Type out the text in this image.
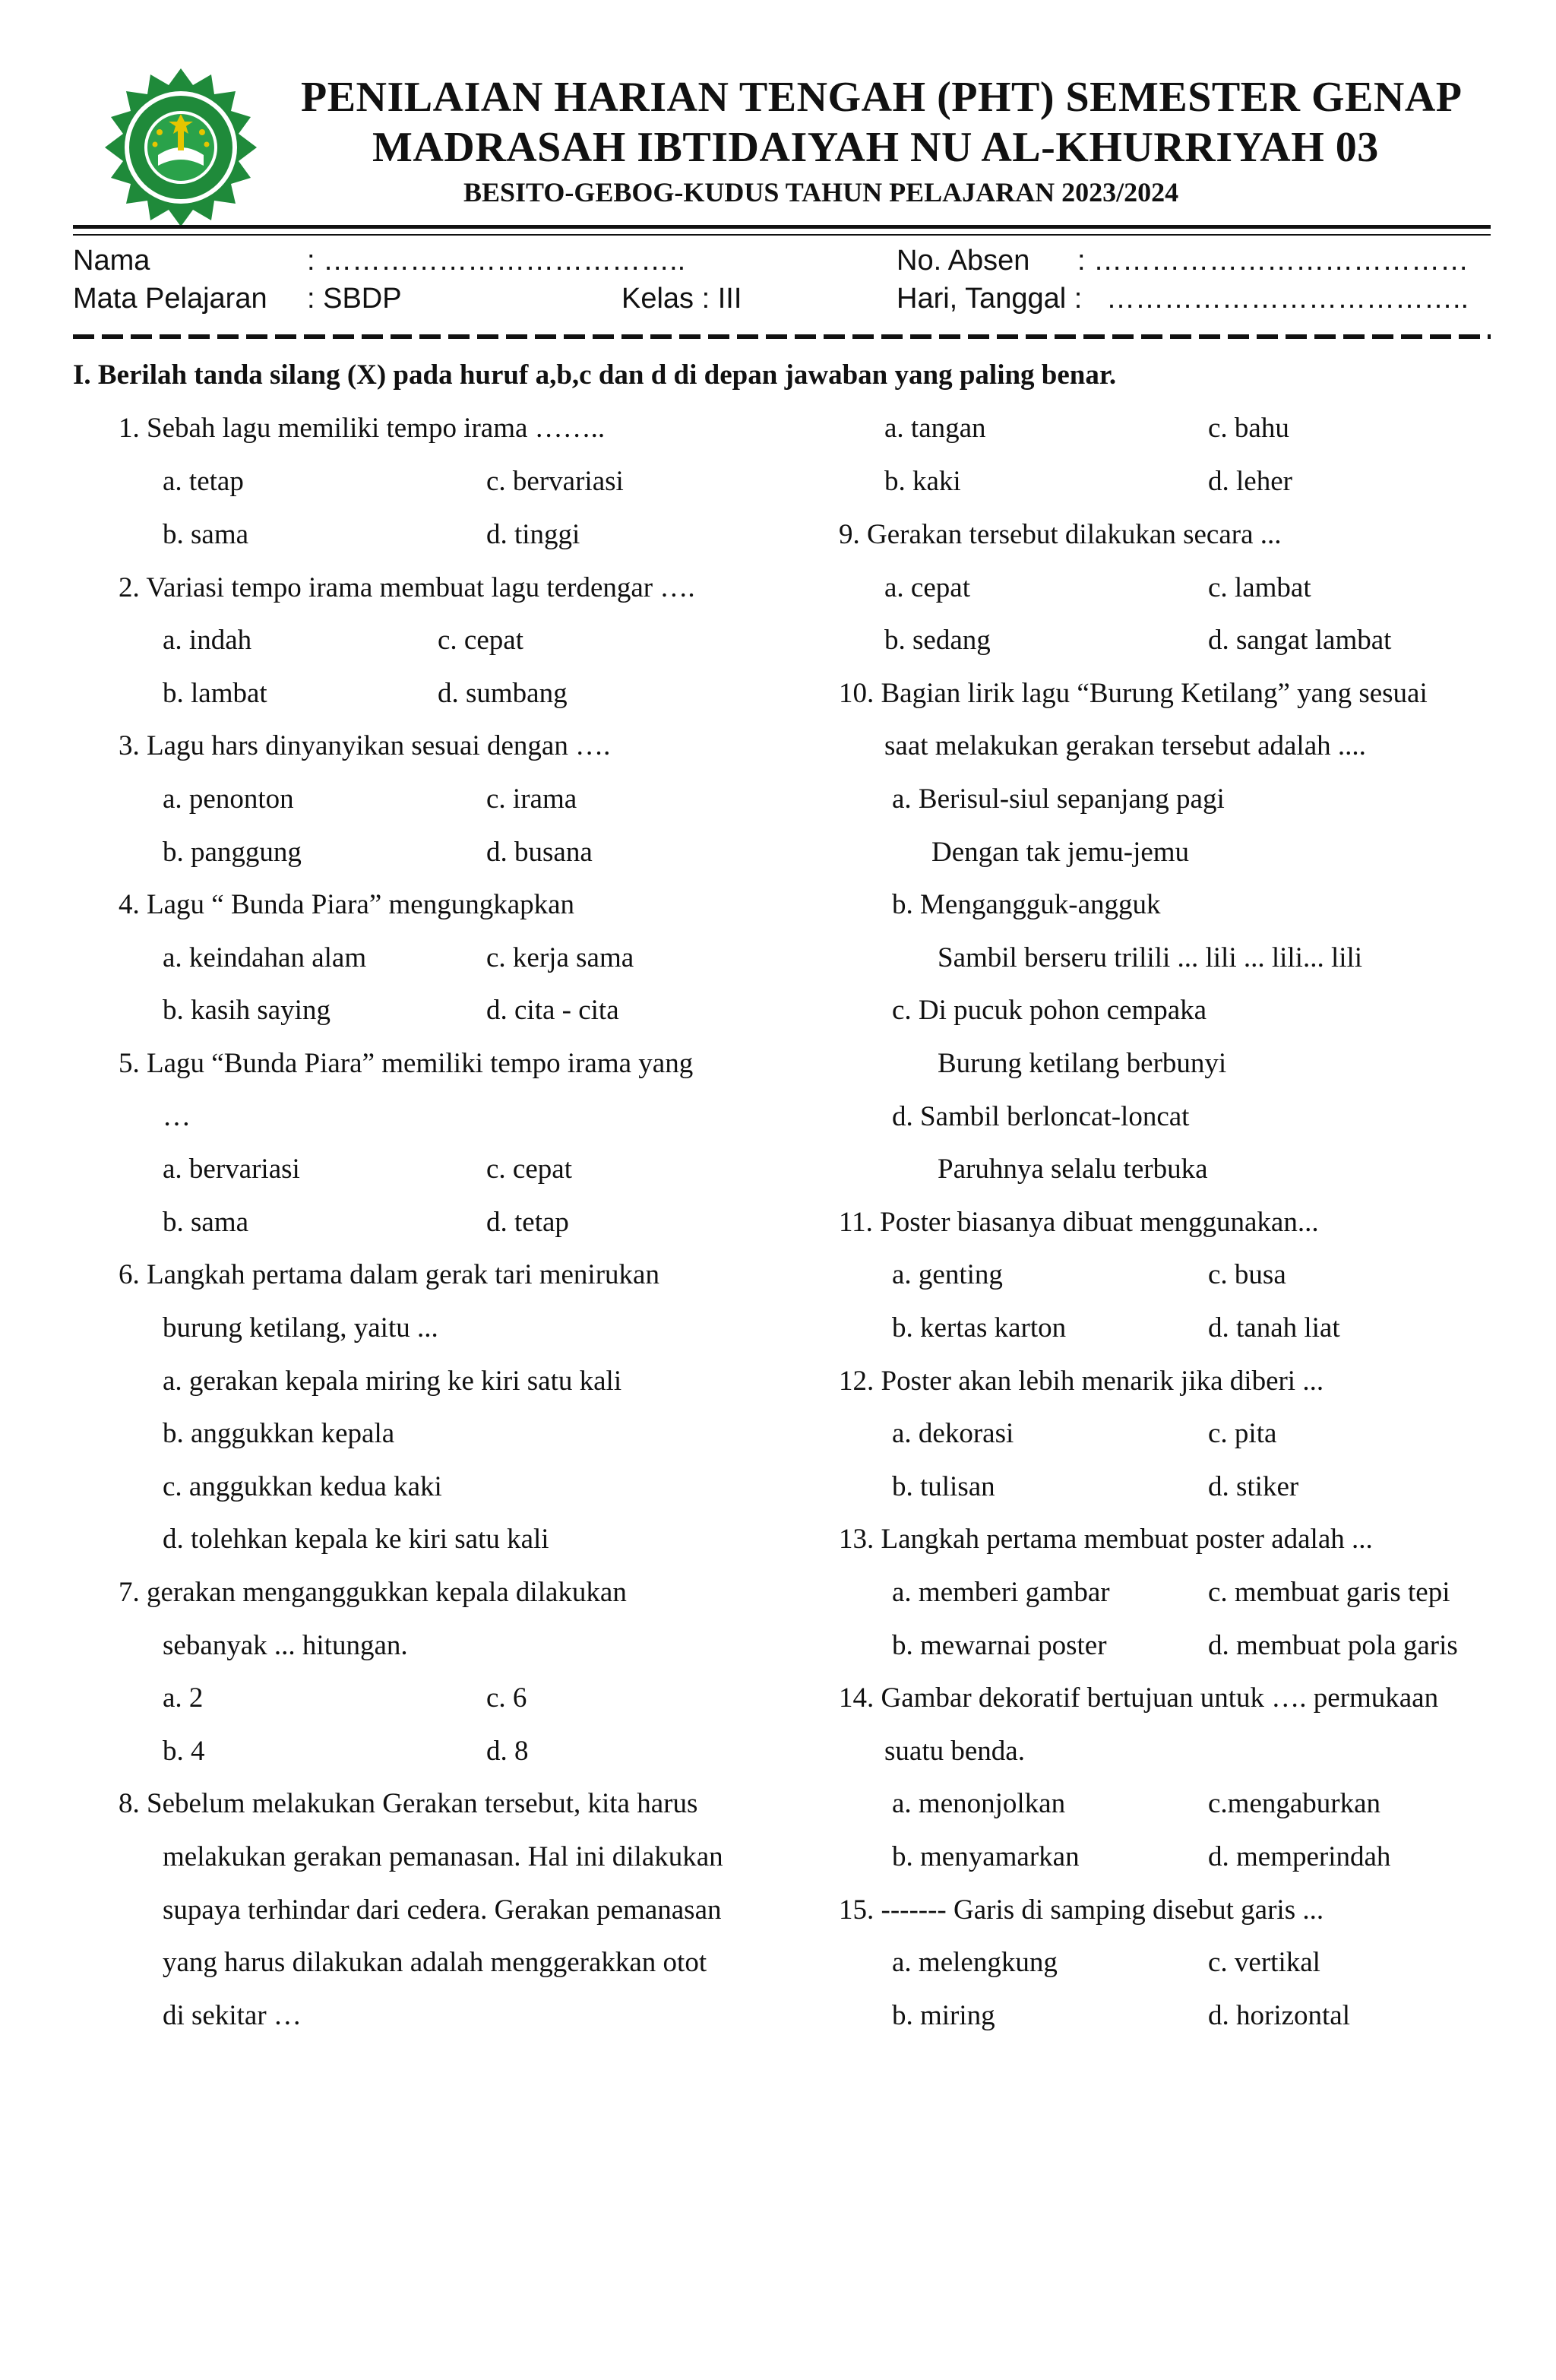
PENILAIAN HARIAN TENGAH (PHT) SEMESTER GENAP
MADRASAH IBTIDAIYAH NU AL-KHURRIYAH 03
BESITO-GEBOG-KUDUS TAHUN PELAJARAN 2023/2024
Nama	: ………………………………..	No. Absen : …………………………………
Mata Pelajaran : SBDP	Kelas : III	Hari, Tanggal : ………………………………..
I. Berilah tanda silang (X) pada huruf a,b,c dan d di depan jawaban yang paling benar.
1. Sebah lagu memiliki tempo irama ……..
a. tetap	c. bervariasi
b. sama	d. tinggi
2. Variasi tempo irama membuat lagu terdengar ….
a. indah	c. cepat
b. lambat	d. sumbang
3. Lagu hars dinyanyikan sesuai dengan ….
a. penonton	c. irama
b. panggung	d. busana
4. Lagu “ Bunda Piara” mengungkapkan
a. keindahan alam	c. kerja sama
b. kasih saying	d. cita - cita
5. Lagu “Bunda Piara” memiliki tempo irama yang
…
a. bervariasi	c. cepat
b. sama	d. tetap
6. Langkah pertama dalam gerak tari menirukan
burung ketilang, yaitu ...
a. gerakan kepala miring ke kiri satu kali
b. anggukkan kepala
c. anggukkan kedua kaki
d. tolehkan kepala ke kiri satu kali
7. gerakan menganggukkan kepala dilakukan
sebanyak ... hitungan.
a. 2	c. 6
b. 4	d. 8
8. Sebelum melakukan Gerakan tersebut, kita harus
melakukan gerakan pemanasan. Hal ini dilakukan
supaya terhindar dari cedera. Gerakan pemanasan
yang harus dilakukan adalah menggerakkan otot
di sekitar …
a. tangan	c. bahu
b. kaki	d. leher
9. Gerakan tersebut dilakukan secara ...
a. cepat	c. lambat
b. sedang	d. sangat lambat
10. Bagian lirik lagu “Burung Ketilang” yang sesuai
saat melakukan gerakan tersebut adalah ....
a. Berisul-siul sepanjang pagi
Dengan tak jemu-jemu
b. Mengangguk-angguk
Sambil berseru trilili ... lili ... lili... lili
c. Di pucuk pohon cempaka
Burung ketilang berbunyi
d. Sambil berloncat-loncat
Paruhnya selalu terbuka
11. Poster biasanya dibuat menggunakan...
a. genting	c. busa
b. kertas karton	d. tanah liat
12. Poster akan lebih menarik jika diberi ...
a. dekorasi	c. pita
b. tulisan	d. stiker
13. Langkah pertama membuat poster adalah ...
a. memberi gambar	c. membuat garis tepi
b. mewarnai poster	d. membuat pola garis
14. Gambar dekoratif bertujuan untuk …. permukaan
suatu benda.
a. menonjolkan	c.mengaburkan
b. menyamarkan	d. memperindah
15. ------- Garis di samping disebut garis ...
a. melengkung	c. vertikal
b. miring	d. horizontal
